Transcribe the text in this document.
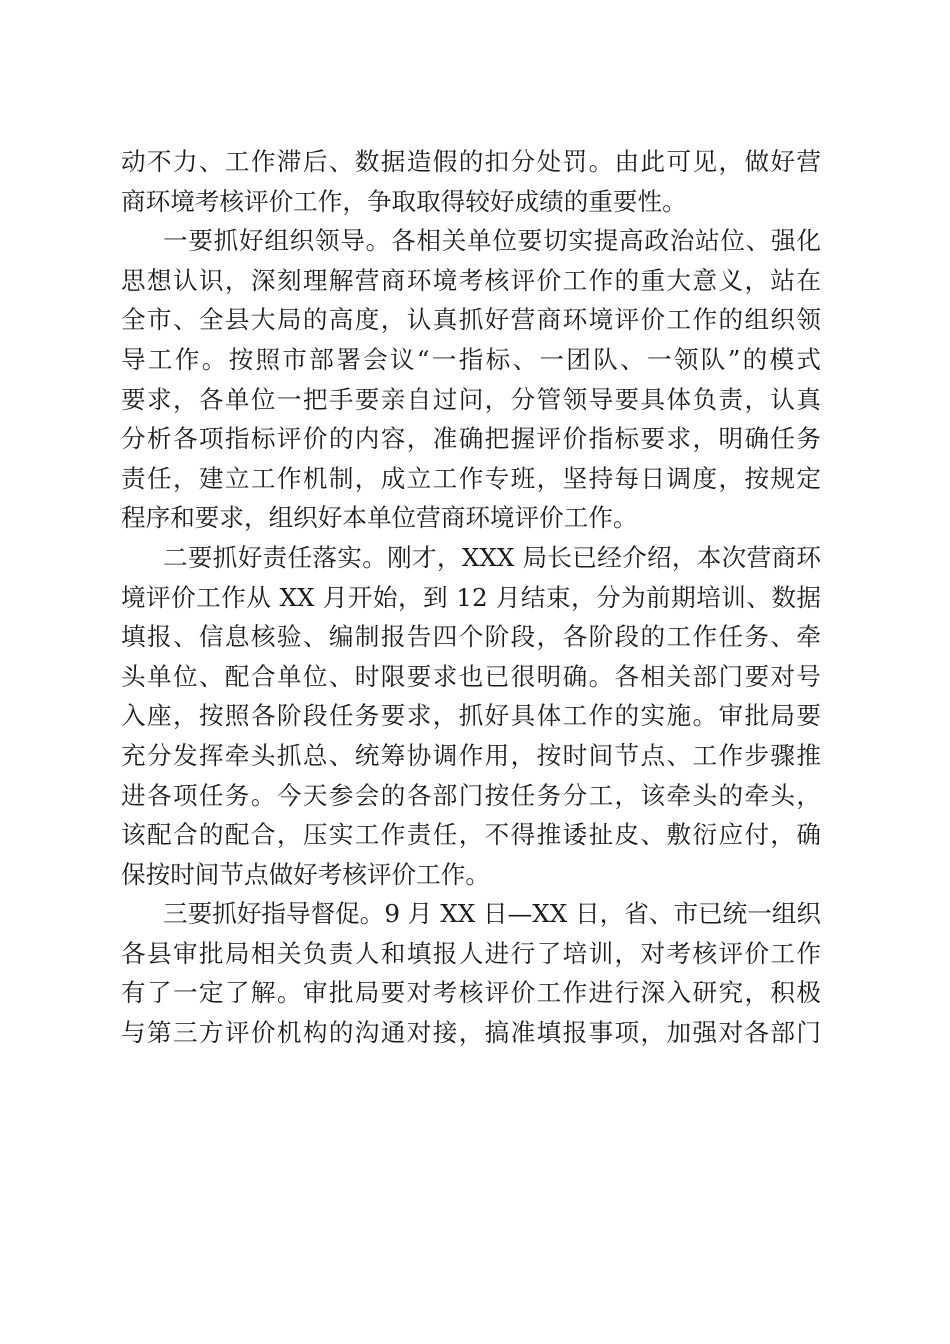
动不力、工作滞后、数据造假的扣分处罚。由此可见，做好营
商环境考核评价工作，争取取得较好成绩的重要性。
一要抓好组织领导。各相关单位要切实提高政治站位、强化
思想认识，深刻理解营商环境考核评价工作的重大意义，站在
全市、全县大局的高度，认真抓好营商环境评价工作的组织领
导工作。按照市部署会议“一指标、一团队、一领队”的模式
要求，各单位一把手要亲自过问，分管领导要具体负责，认真
分析各项指标评价的内容，准确把握评价指标要求，明确任务
责任，建立工作机制，成立工作专班，坚持每日调度，按规定
程序和要求，组织好本单位营商环境评价工作。
二要抓好责任落实。刚才，XXX 局长已经介绍，本次营商环
境评价工作从 XX 月开始，到 12 月结束，分为前期培训、数据
填报、信息核验、编制报告四个阶段，各阶段的工作任务、牵
头单位、配合单位、时限要求也已很明确。各相关部门要对号
入座，按照各阶段任务要求，抓好具体工作的实施。审批局要
充分发挥牵头抓总、统筹协调作用，按时间节点、工作步骤推
进各项任务。今天参会的各部门按任务分工，该牵头的牵头，
该配合的配合，压实工作责任，不得推诿扯皮、敷衍应付，确
保按时间节点做好考核评价工作。
三要抓好指导督促。9 月 XX 日—XX 日，省、市已统一组织
各县审批局相关负责人和填报人进行了培训，对考核评价工作
有了一定了解。审批局要对考核评价工作进行深入研究，积极
与第三方评价机构的沟通对接，搞准填报事项，加强对各部门
